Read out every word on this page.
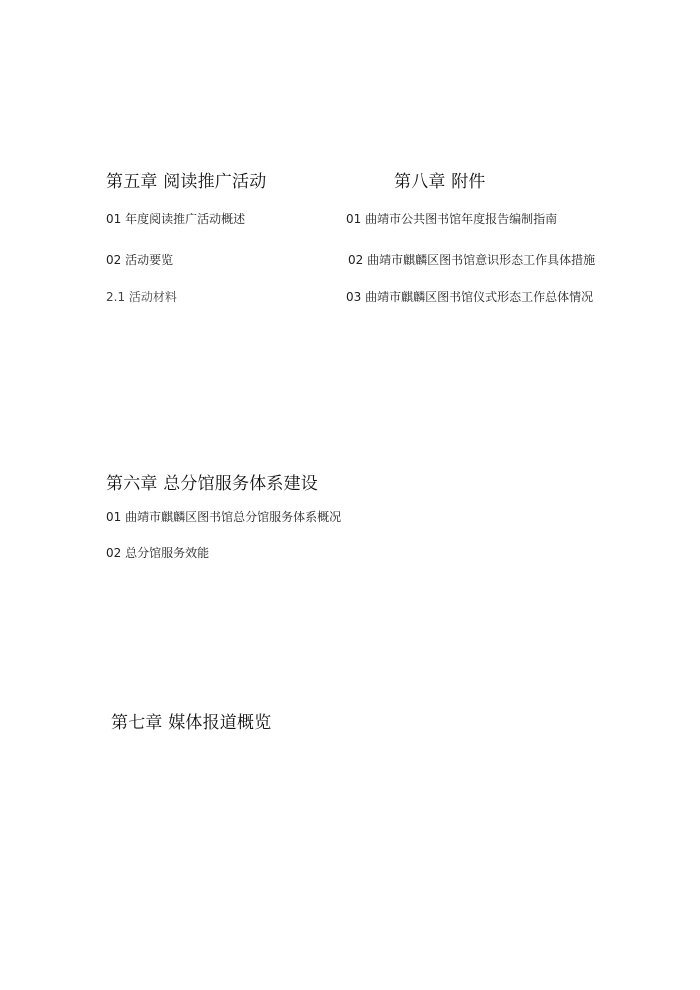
第五章 阅读推广活动
01 年度阅读推广活动概述
02 活动要览
2.1 活动材料
第八章 附件
01 曲靖市公共图书馆年度报告编制指南
02 曲靖市麒麟区图书馆意识形态工作具体措施
03 曲靖市麒麟区图书馆仪式形态工作总体情况
第六章 总分馆服务体系建设
01 曲靖市麒麟区图书馆总分馆服务体系概况
02 总分馆服务效能
第七章 媒体报道概览
